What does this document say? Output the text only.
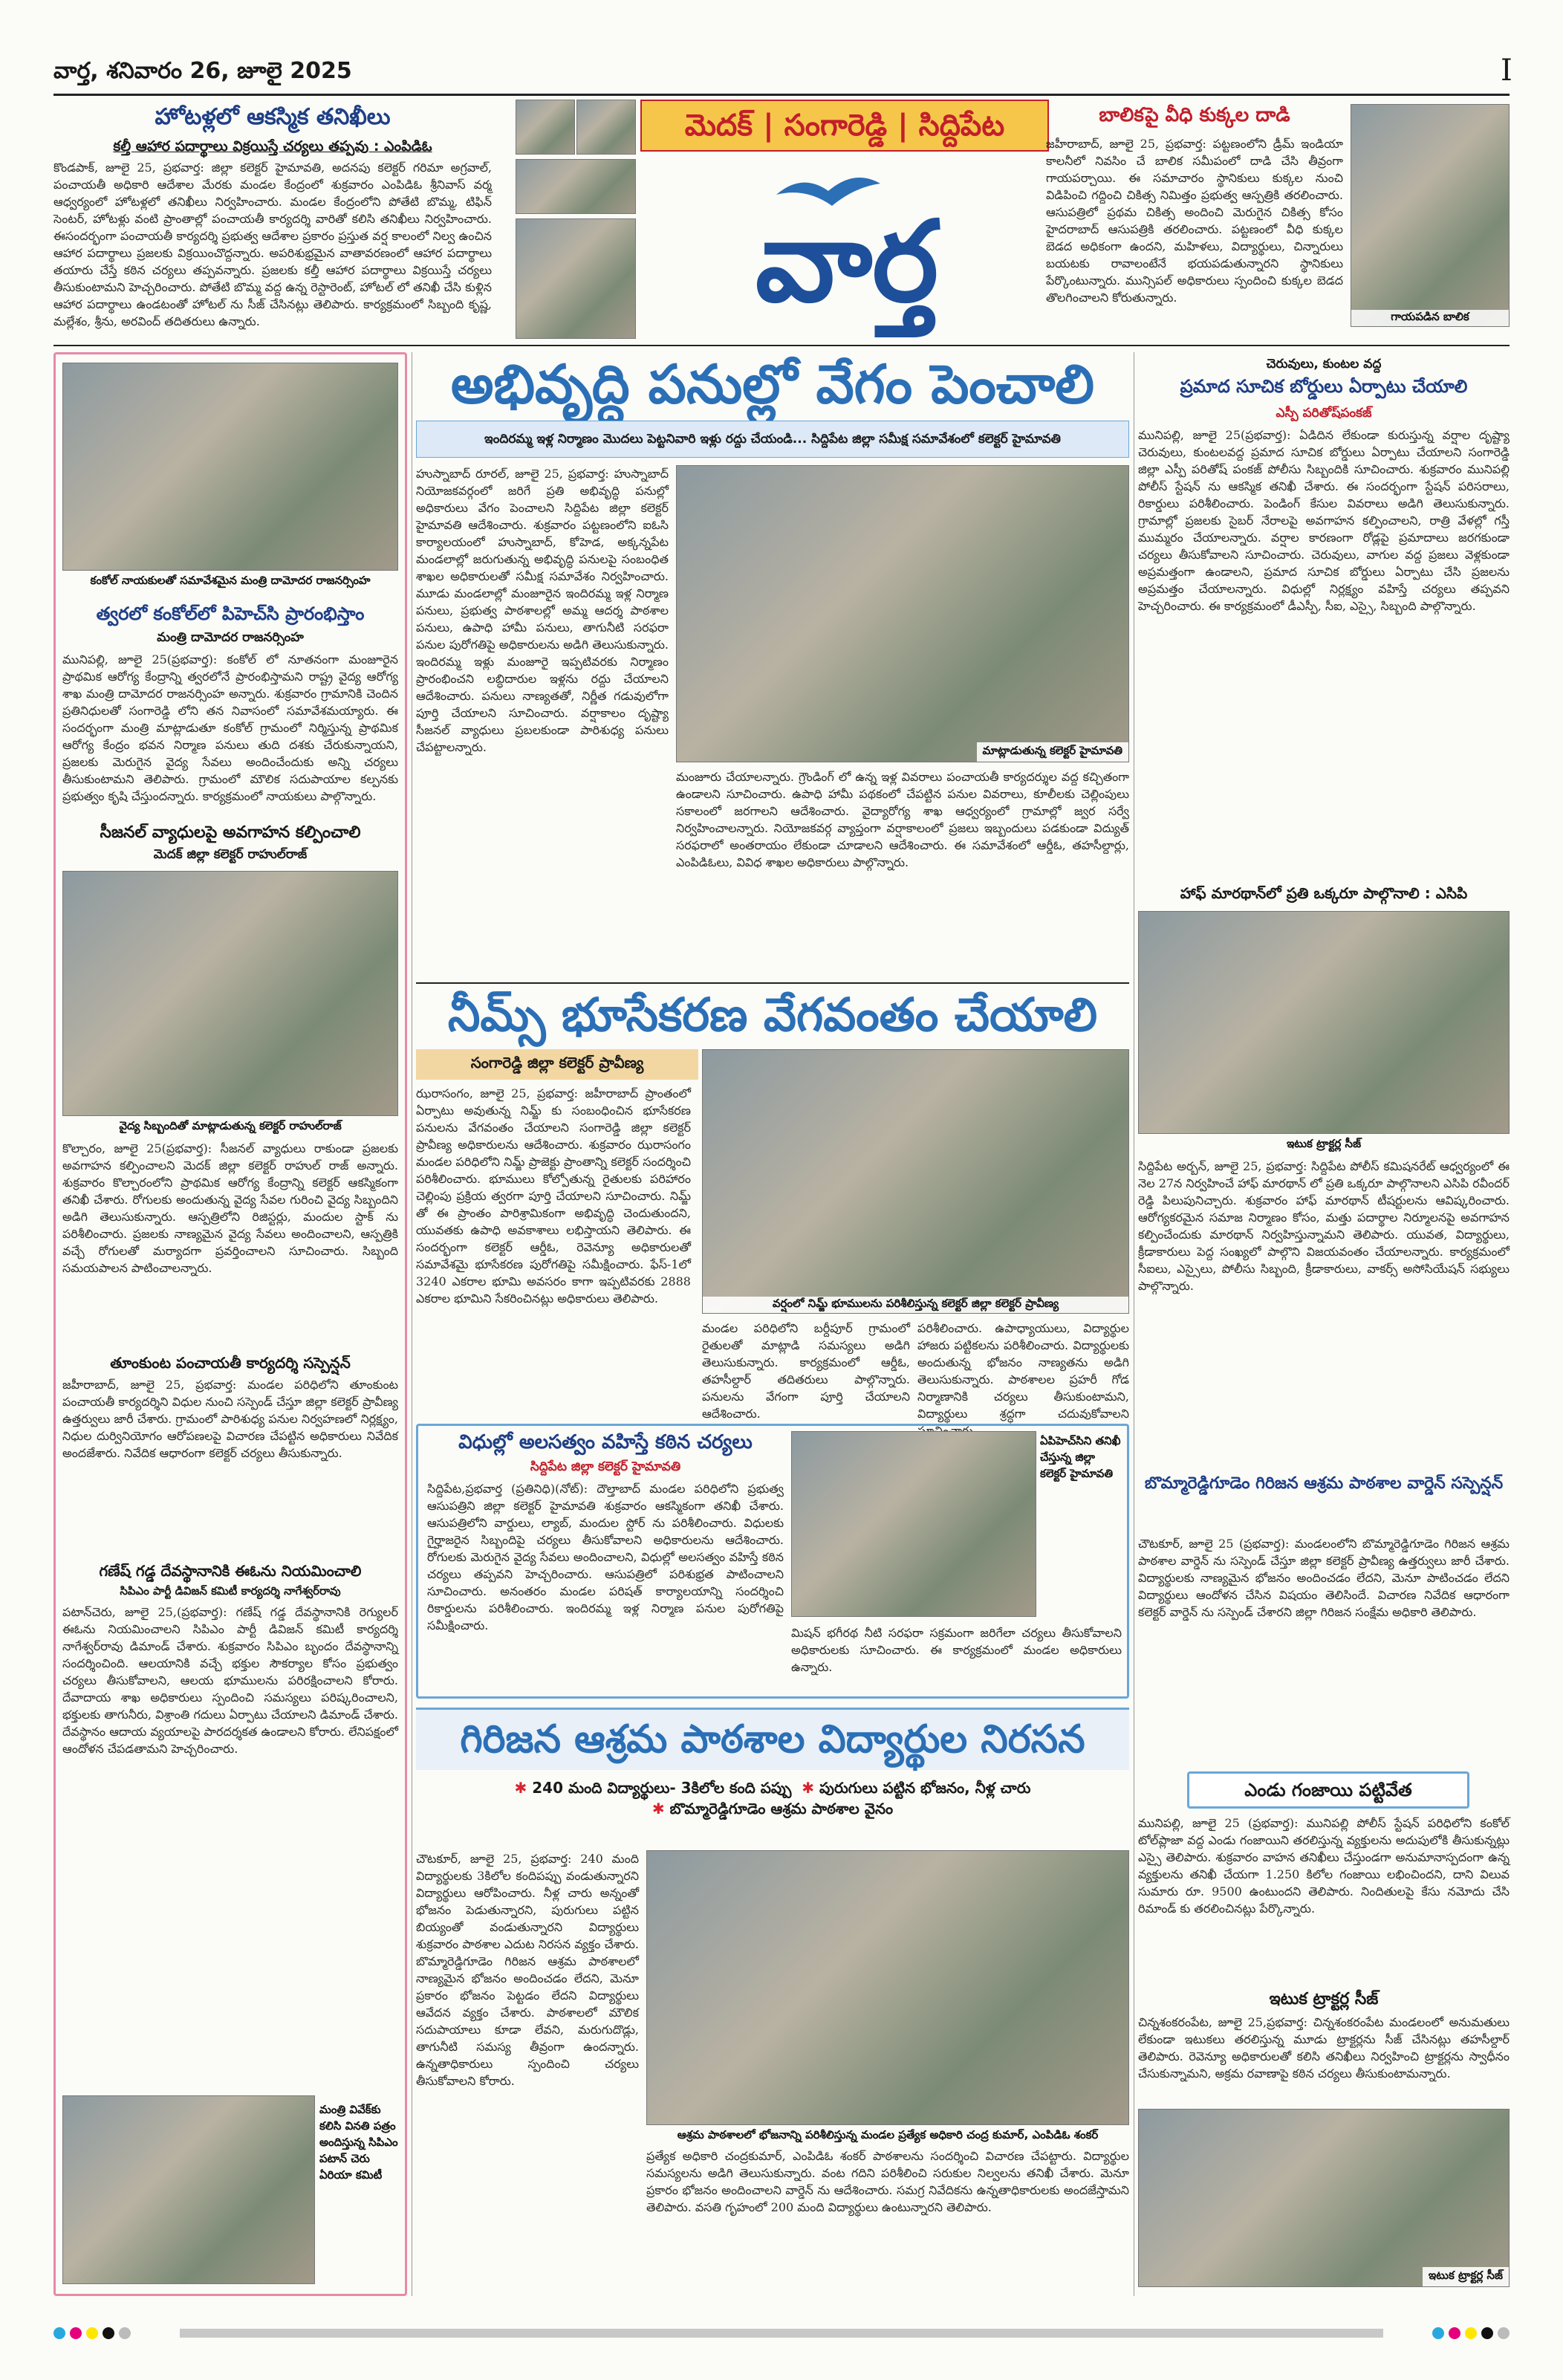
వార్త, శనివారం 26, జూలై 2025	I
హోటళ్లలో ఆకస్మిక తనిఖీలు
కల్తీ ఆహార పదార్థాలు విక్రయిస్తే చర్యలు తప్పవు : ఎంపిడిఓ
కొండపాక్, జూలై 25, ప్రభవార్త: జిల్లా కలెక్టర్ హైమావతి, అదనపు కలెక్టర్ గరిమా అగ్రవాల్, పంచాయతీ అధికారి ఆదేశాల మేరకు మండల కేంద్రంలో శుక్రవారం ఎంపిడిఓ శ్రీనివాస్ వర్మ ఆధ్వర్యంలో హోటళ్లలో తనిఖీలు నిర్వహించారు. మండల కేంద్రంలోని పోతేటి బొమ్మ, టిఫిన్ సెంటర్, హోటళ్లు వంటి ప్రాంతాల్లో పంచాయతీ కార్యదర్శి వారితో కలిసి తనిఖీలు నిర్వహించారు. ఈసందర్భంగా పంచాయతీ కార్యదర్శి ప్రభుత్వ ఆదేశాల ప్రకారం ప్రస్తుత వర్ష కాలంలో నిల్వ ఉంచిన ఆహార పదార్థాలు ప్రజలకు విక్రయించొద్దన్నారు. అపరిశుభ్రమైన వాతావరణంలో ఆహార పదార్థాలు తయారు చేస్తే కఠిన చర్యలు తప్పవన్నారు. ప్రజలకు కల్తీ ఆహార పదార్థాలు విక్రయిస్తే చర్యలు తీసుకుంటామని హెచ్చరించారు. పోతేటి బొమ్మ వద్ద ఉన్న రెస్టారెంట్, హోటల్ లో తనిఖీ చేసి కుళ్లిన ఆహార పదార్థాలు ఉండటంతో హోటల్ ను సీజ్ చేసినట్లు తెలిపారు. కార్యక్రమంలో సిబ్బంది కృష్ణ, మల్లేశం, శ్రీను, అరవింద్ తదితరులు ఉన్నారు.
మెదక్ | సంగారెడ్డి | సిద్దిపేట
వార్త
బాలికపై వీధి కుక్కల దాడి
జహీరాబాద్, జూలై 25, ప్రభవార్త: పట్టణంలోని డ్రీమ్ ఇండియా కాలనీలో నివసిం చే బాలిక సమీపంలో దాడి చేసి తీవ్రంగా గాయపర్చాయి. ఈ సమాచారం స్థానికులు కుక్కల నుంచి విడిపించి గద్దించి చికిత్స నిమిత్తం ప్రభుత్వ ఆస్పత్రికి తరలించారు. ఆసుపత్రిలో ప్రథమ చికిత్స అందించి మెరుగైన చికిత్స కోసం హైదరాబాద్ ఆసుపత్రికి తరలించారు. పట్టణంలో వీధి కుక్కల బెడద అధికంగా ఉందని, మహిళలు, విద్యార్థులు, చిన్నారులు బయటకు రావాలంటేనే భయపడుతున్నారని స్థానికులు పేర్కొంటున్నారు. మున్సిపల్ అధికారులు స్పందించి కుక్కల బెడద తొలగించాలని కోరుతున్నారు.
గాయపడిన బాలిక
కంకోల్ నాయకులతో సమావేశమైన మంత్రి దామోదర రాజనర్సింహ
త్వరలో కంకోల్‌లో పిహెచ్‌సి ప్రారంభిస్తాం
మంత్రి దామోదర రాజనర్సింహ
మునిపల్లి, జూలై 25(ప్రభవార్త): కంకోల్ లో నూతనంగా మంజూరైన ప్రాథమిక ఆరోగ్య కేంద్రాన్ని త్వరలోనే ప్రారంభిస్తామని రాష్ట్ర వైద్య ఆరోగ్య శాఖ మంత్రి దామోదర రాజనర్సింహ అన్నారు. శుక్రవారం గ్రామానికి చెందిన ప్రతినిధులతో సంగారెడ్డి లోని తన నివాసంలో సమావేశమయ్యారు. ఈ సందర్భంగా మంత్రి మాట్లాడుతూ కంకోల్ గ్రామంలో నిర్మిస్తున్న ప్రాథమిక ఆరోగ్య కేంద్రం భవన నిర్మాణ పనులు తుది దశకు చేరుకున్నాయని, ప్రజలకు మెరుగైన వైద్య సేవలు అందించేందుకు అన్ని చర్యలు తీసుకుంటామని తెలిపారు. గ్రామంలో మౌలిక సదుపాయాల కల్పనకు ప్రభుత్వం కృషి చేస్తుందన్నారు. కార్యక్రమంలో నాయకులు పాల్గొన్నారు.
సీజనల్ వ్యాధులపై అవగాహన కల్పించాలి
మెదక్ జిల్లా కలెక్టర్ రాహుల్‌రాజ్
వైద్య సిబ్బందితో మాట్లాడుతున్న కలెక్టర్ రాహుల్‌రాజ్
కొల్చారం, జూలై 25(ప్రభవార్త): సీజనల్ వ్యాధులు రాకుండా ప్రజలకు అవగాహన కల్పించాలని మెదక్ జిల్లా కలెక్టర్ రాహుల్ రాజ్ అన్నారు. శుక్రవారం కొల్చారంలోని ప్రాథమిక ఆరోగ్య కేంద్రాన్ని కలెక్టర్ ఆకస్మికంగా తనిఖీ చేశారు. రోగులకు అందుతున్న వైద్య సేవల గురించి వైద్య సిబ్బందిని అడిగి తెలుసుకున్నారు. ఆస్పత్రిలోని రిజిస్టర్లు, మందుల స్టాక్ ను పరిశీలించారు. ప్రజలకు నాణ్యమైన వైద్య సేవలు అందించాలని, ఆస్పత్రికి వచ్చే రోగులతో మర్యాదగా ప్రవర్తించాలని సూచించారు. సిబ్బంది సమయపాలన పాటించాలన్నారు.
తూంకుంట పంచాయతీ కార్యదర్శి సస్పెన్షన్
జహీరాబాద్, జూలై 25, ప్రభవార్త: మండల పరిధిలోని తూంకుంట పంచాయతీ కార్యదర్శిని విధుల నుంచి సస్పెండ్ చేస్తూ జిల్లా కలెక్టర్ ప్రావీణ్య ఉత్తర్వులు జారీ చేశారు. గ్రామంలో పారిశుధ్య పనుల నిర్వహణలో నిర్లక్ష్యం, నిధుల దుర్వినియోగం ఆరోపణలపై విచారణ చేపట్టిన అధికారులు నివేదిక అందజేశారు. నివేదిక ఆధారంగా కలెక్టర్ చర్యలు తీసుకున్నారు.
గణేష్ గడ్డ దేవస్థానానికి ఈఓను నియమించాలి
సిపిఎం పార్టీ డివిజన్ కమిటీ కార్యదర్శి నాగేశ్వర్‌రావు
పటాన్‌చెరు, జూలై 25,(ప్రభవార్త): గణేష్ గడ్డ దేవస్థానానికి రెగ్యులర్ ఈఓను నియమించాలని సిపిఎం పార్టీ డివిజన్ కమిటీ కార్యదర్శి నాగేశ్వర్‌రావు డిమాండ్ చేశారు. శుక్రవారం సిపిఎం బృందం దేవస్థానాన్ని సందర్శించింది. ఆలయానికి వచ్చే భక్తుల సౌకర్యాల కోసం ప్రభుత్వం చర్యలు తీసుకోవాలని, ఆలయ భూములను పరిరక్షించాలని కోరారు. దేవాదాయ శాఖ అధికారులు స్పందించి సమస్యలు పరిష్కరించాలని, భక్తులకు తాగునీరు, విశ్రాంతి గదులు ఏర్పాటు చేయాలని డిమాండ్ చేశారు. దేవస్థానం ఆదాయ వ్యయాలపై పారదర్శకత ఉండాలని కోరారు. లేనిపక్షంలో ఆందోళన చేపడతామని హెచ్చరించారు.
మంత్రి వివేక్‌కు కలిసి వినతి పత్రం అందిస్తున్న సిపిఎం పటాన్ చెరు ఏరియా కమిటీ
అభివృద్ధి పనుల్లో వేగం పెంచాలి
ఇందిరమ్మ ఇళ్ల నిర్మాణం మొదలు పెట్టనివారి ఇళ్లు రద్దు చేయండి... సిద్దిపేట జిల్లా సమీక్ష సమావేశంలో కలెక్టర్ హైమావతి
హుస్నాబాద్ రూరల్, జూలై 25, ప్రభవార్త: హుస్నాబాద్ నియోజకవర్గంలో జరిగే ప్రతి అభివృద్ధి పనుల్లో అధికారులు వేగం పెంచాలని సిద్దిపేట జిల్లా కలెక్టర్ హైమావతి ఆదేశించారు. శుక్రవారం పట్టణంలోని ఐఓసి కార్యాలయంలో హుస్నాబాద్, కోహెడ, అక్కన్నపేట మండలాల్లో జరుగుతున్న అభివృద్ధి పనులపై సంబంధిత శాఖల అధికారులతో సమీక్ష సమావేశం నిర్వహించారు. మూడు మండలాల్లో మంజూరైన ఇందిరమ్మ ఇళ్ల నిర్మాణ పనులు, ప్రభుత్వ పాఠశాలల్లో అమ్మ ఆదర్శ పాఠశాల పనులు, ఉపాధి హామీ పనులు, తాగునీటి సరఫరా పనుల పురోగతిపై అధికారులను అడిగి తెలుసుకున్నారు. ఇందిరమ్మ ఇళ్లు మంజూరై ఇప్పటివరకు నిర్మాణం ప్రారంభించని లబ్ధిదారుల ఇళ్లను రద్దు చేయాలని ఆదేశించారు. పనులు నాణ్యతతో, నిర్ణీత గడువులోగా పూర్తి చేయాలని సూచించారు. వర్షాకాలం దృష్ట్యా సీజనల్ వ్యాధులు ప్రబలకుండా పారిశుధ్య పనులు చేపట్టాలన్నారు.	మాట్లాడుతున్న కలెక్టర్ హైమావతి
మంజూరు చేయాలన్నారు. గ్రౌండింగ్ లో ఉన్న ఇళ్ల వివరాలు పంచాయతీ కార్యదర్శుల వద్ద కచ్చితంగా ఉండాలని సూచించారు. ఉపాధి హామీ పథకంలో చేపట్టిన పనుల వివరాలు, కూలీలకు చెల్లింపులు సకాలంలో జరగాలని ఆదేశించారు. వైద్యారోగ్య శాఖ ఆధ్వర్యంలో గ్రామాల్లో జ్వర సర్వే నిర్వహించాలన్నారు. నియోజకవర్గ వ్యాప్తంగా వర్షాకాలంలో ప్రజలు ఇబ్బందులు పడకుండా విద్యుత్ సరఫరాలో అంతరాయం లేకుండా చూడాలని ఆదేశించారు. ఈ సమావేశంలో ఆర్డీఓ, తహసీల్దార్లు, ఎంపిడిఓలు, వివిధ శాఖల అధికారులు పాల్గొన్నారు.
నీమ్స్ భూసేకరణ వేగవంతం చేయాలి
సంగారెడ్డి జిల్లా కలెక్టర్ ప్రావీణ్య
ఝరాసంగం, జూలై 25, ప్రభవార్త: జహీరాబాద్ ప్రాంతంలో ఏర్పాటు అవుతున్న నిమ్జ్ కు సంబంధించిన భూసేకరణ పనులను వేగవంతం చేయాలని సంగారెడ్డి జిల్లా కలెక్టర్ ప్రావీణ్య అధికారులను ఆదేశించారు. శుక్రవారం ఝరాసంగం మండల పరిధిలోని నిమ్జ్ ప్రాజెక్టు ప్రాంతాన్ని కలెక్టర్ సందర్శించి పరిశీలించారు. భూములు కోల్పోతున్న రైతులకు పరిహారం చెల్లింపు ప్రక్రియ త్వరగా పూర్తి చేయాలని సూచించారు. నిమ్జ్ తో ఈ ప్రాంతం పారిశ్రామికంగా అభివృద్ధి చెందుతుందని, యువతకు ఉపాధి అవకాశాలు లభిస్తాయని తెలిపారు. ఈ సందర్భంగా కలెక్టర్ ఆర్డీఓ, రెవెన్యూ అధికారులతో సమావేశమై భూసేకరణ పురోగతిపై సమీక్షించారు. ఫేస్-1లో 3240 ఎకరాల భూమి అవసరం కాగా ఇప్పటివరకు 2888 ఎకరాల భూమిని సేకరించినట్లు అధికారులు తెలిపారు.	వర్షంలో నిమ్జ్ భూములను పరిశీలిస్తున్న కలెక్టర్ జిల్లా కలెక్టర్ ప్రావీణ్య
మండల పరిధిలోని బర్దీపూర్ గ్రామంలో రైతులతో మాట్లాడి సమస్యలు అడిగి తెలుసుకున్నారు. కార్యక్రమంలో ఆర్డీఓ, తహసీల్దార్ తదితరులు పాల్గొన్నారు. పనులను వేగంగా పూర్తి చేయాలని ఆదేశించారు.
పరిశీలించారు. ఉపాధ్యాయులు, విద్యార్థుల హాజరు పట్టికలను పరిశీలించారు. విద్యార్థులకు అందుతున్న భోజనం నాణ్యతను అడిగి తెలుసుకున్నారు. పాఠశాలల ప్రహరీ గోడ నిర్మాణానికి చర్యలు తీసుకుంటామని, విద్యార్థులు శ్రద్ధగా చదువుకోవాలని
విధుల్లో అలసత్వం వహిస్తే కఠిన చర్యలు
సిద్దిపేట జిల్లా కలెక్టర్ హైమావతి
సిద్దిపేట,ప్రభవార్త (ప్రతినిధి)(నోట్): దౌల్తాబాద్ మండల పరిధిలోని ప్రభుత్వ ఆసుపత్రిని జిల్లా కలెక్టర్ హైమావతి శుక్రవారం ఆకస్మికంగా తనిఖీ చేశారు. ఆసుపత్రిలోని వార్డులు, ల్యాబ్, మందుల స్టోర్ ను పరిశీలించారు. విధులకు గైర్హాజరైన సిబ్బందిపై చర్యలు తీసుకోవాలని అధికారులను ఆదేశించారు. రోగులకు మెరుగైన వైద్య సేవలు అందించాలని, విధుల్లో అలసత్వం వహిస్తే కఠిన చర్యలు తప్పవని హెచ్చరించారు. ఆసుపత్రిలో పరిశుభ్రత పాటించాలని సూచించారు. అనంతరం మండల పరిషత్ కార్యాలయాన్ని సందర్శించి రికార్డులను పరిశీలించారు. ఇందిరమ్మ ఇళ్ల నిర్మాణ పనుల పురోగతిపై సమీక్షించారు.
ఏపిహెచ్‌సిని తనిఖీ చేస్తున్న జిల్లా కలెక్టర్ హైమావతి
మిషన్ భగీరథ నీటి సరఫరా సక్రమంగా జరిగేలా చర్యలు తీసుకోవాలని అధికారులకు సూచించారు. ఈ కార్యక్రమంలో మండల అధికారులు ఉన్నారు.
గిరిజన ఆశ్రమ పాఠశాల విద్యార్థుల నిరసన
✱ 240 మంది విద్యార్థులు- 3కిలోల కంది పప్పు ✱ పురుగులు పట్టిన భోజనం, నీళ్ల చారు
✱ బొమ్మారెడ్డిగూడెం ఆశ్రమ పాఠశాల వైనం
చౌటకూర్, జూలై 25, ప్రభవార్త: 240 మంది విద్యార్థులకు 3కిలోల కందిపప్పు వండుతున్నారని విద్యార్థులు ఆరోపించారు. నీళ్ల చారు అన్నంతో భోజనం పెడుతున్నారని, పురుగులు పట్టిన బియ్యంతో వండుతున్నారని విద్యార్థులు శుక్రవారం పాఠశాల ఎదుట నిరసన వ్యక్తం చేశారు. బొమ్మారెడ్డిగూడెం గిరిజన ఆశ్రమ పాఠశాలలో నాణ్యమైన భోజనం అందించడం లేదని, మెనూ ప్రకారం భోజనం పెట్టడం లేదని విద్యార్థులు ఆవేదన వ్యక్తం చేశారు. పాఠశాలలో మౌలిక సదుపాయాలు కూడా లేవని, మరుగుదొడ్లు, తాగునీటి సమస్య తీవ్రంగా ఉందన్నారు. ఉన్నతాధికారులు స్పందించి చర్యలు తీసుకోవాలని కోరారు.
ఆశ్రమ పాఠశాలలో భోజనాన్ని పరిశీలిస్తున్న మండల ప్రత్యేక అధికారి చంద్ర కుమార్, ఎంపిడిఓ శంకర్
ప్రత్యేక అధికారి చంద్రకుమార్, ఎంపిడిఓ శంకర్ పాఠశాలను సందర్శించి విచారణ చేపట్టారు. విద్యార్థుల సమస్యలను అడిగి తెలుసుకున్నారు. వంట గదిని పరిశీలించి సరుకుల నిల్వలను తనిఖీ చేశారు. మెనూ ప్రకారం భోజనం అందించాలని వార్డెన్ ను ఆదేశించారు. సమగ్ర నివేదికను ఉన్నతాధికారులకు అందజేస్తామని తెలిపారు. వసతి గృహంలో 200 మంది విద్యార్థులు ఉంటున్నారని తెలిపారు.
చెరువులు, కుంటల వద్ద
ప్రమాద సూచిక బోర్డులు ఏర్పాటు చేయాలి
ఎస్పీ పరితోష్‌పంకజ్
మునిపల్లి, జూలై 25(ప్రభవార్త): ఏడిదిన లేకుండా కురుస్తున్న వర్షాల దృష్ట్యా చెరువులు, కుంటలవద్ద ప్రమాద సూచిక బోర్డులు ఏర్పాటు చేయాలని సంగారెడ్డి జిల్లా ఎస్పీ పరితోష్ పంకజ్ పోలీసు సిబ్బందికి సూచించారు. శుక్రవారం మునిపల్లి పోలీస్ స్టేషన్ ను ఆకస్మిక తనిఖీ చేశారు. ఈ సందర్భంగా స్టేషన్ పరిసరాలు, రికార్డులు పరిశీలించారు. పెండింగ్ కేసుల వివరాలు అడిగి తెలుసుకున్నారు. గ్రామాల్లో ప్రజలకు సైబర్ నేరాలపై అవగాహన కల్పించాలని, రాత్రి వేళల్లో గస్తీ ముమ్మరం చేయాలన్నారు. వర్షాల కారణంగా రోడ్లపై ప్రమాదాలు జరగకుండా చర్యలు తీసుకోవాలని సూచించారు. చెరువులు, వాగుల వద్ద ప్రజలు వెళ్లకుండా అప్రమత్తంగా ఉండాలని, ప్రమాద సూచిక బోర్డులు ఏర్పాటు చేసి ప్రజలను అప్రమత్తం చేయాలన్నారు. విధుల్లో నిర్లక్ష్యం వహిస్తే చర్యలు తప్పవని హెచ్చరించారు. ఈ కార్యక్రమంలో డీఎస్పీ, సీఐ, ఎస్సై, సిబ్బంది పాల్గొన్నారు.
హాఫ్ మారథాన్‌లో ప్రతి ఒక్కరూ పాల్గొనాలి : ఎసిపి
ఇటుక ట్రాక్టర్ల సీజ్
సిద్దిపేట అర్బన్, జూలై 25, ప్రభవార్త: సిద్దిపేట పోలీస్ కమిషనరేట్ ఆధ్వర్యంలో ఈ నెల 27న నిర్వహించే హాఫ్ మారథాన్ లో ప్రతి ఒక్కరూ పాల్గొనాలని ఎసిపి రవీందర్ రెడ్డి పిలుపునిచ్చారు. శుక్రవారం హాఫ్ మారథాన్ టీషర్టులను ఆవిష్కరించారు. ఆరోగ్యకరమైన సమాజ నిర్మాణం కోసం, మత్తు పదార్థాల నిర్మూలనపై అవగాహన కల్పించేందుకు మారథాన్ నిర్వహిస్తున్నామని తెలిపారు. యువత, విద్యార్థులు, క్రీడాకారులు పెద్ద సంఖ్యలో పాల్గొని విజయవంతం చేయాలన్నారు. కార్యక్రమంలో సీఐలు, ఎస్సైలు, పోలీసు సిబ్బంది, క్రీడాకారులు, వాకర్స్ అసోసియేషన్ సభ్యులు పాల్గొన్నారు.
బొమ్మారెడ్డిగూడెం గిరిజన ఆశ్రమ పాఠశాల వార్డెన్ సస్పెన్షన్
చౌటకూర్, జూలై 25 (ప్రభవార్త): మండలంలోని బొమ్మారెడ్డిగూడెం గిరిజన ఆశ్రమ పాఠశాల వార్డెన్ ను సస్పెండ్ చేస్తూ జిల్లా కలెక్టర్ ప్రావీణ్య ఉత్తర్వులు జారీ చేశారు. విద్యార్థులకు నాణ్యమైన భోజనం అందించడం లేదని, మెనూ పాటించడం లేదని విద్యార్థులు ఆందోళన చేసిన విషయం తెలిసిందే. విచారణ నివేదిక ఆధారంగా కలెక్టర్ వార్డెన్ ను సస్పెండ్ చేశారని జిల్లా గిరిజన సంక్షేమ అధికారి తెలిపారు.
ఎండు గంజాయి పట్టివేత
మునిపల్లి, జూలై 25 (ప్రభవార్త): మునిపల్లి పోలీస్ స్టేషన్ పరిధిలోని కంకోల్ టోల్‌ప్లాజా వద్ద ఎండు గంజాయిని తరలిస్తున్న వ్యక్తులను అదుపులోకి తీసుకున్నట్లు ఎస్సై తెలిపారు. శుక్రవారం వాహన తనిఖీలు చేస్తుండగా అనుమానాస్పదంగా ఉన్న వ్యక్తులను తనిఖీ చేయగా 1.250 కిలోల గంజాయి లభించిందని, దాని విలువ సుమారు రూ. 9500 ఉంటుందని తెలిపారు. నిందితులపై కేసు నమోదు చేసి రిమాండ్ కు తరలించినట్లు పేర్కొన్నారు.
ఇటుక ట్రాక్టర్ల సీజ్
చిన్నశంకరంపేట, జూలై 25,ప్రభవార్త: చిన్నశంకరంపేట మండలంలో అనుమతులు లేకుండా ఇటుకలు తరలిస్తున్న మూడు ట్రాక్టర్లను సీజ్ చేసినట్లు తహసీల్దార్ తెలిపారు. రెవెన్యూ అధికారులతో కలిసి తనిఖీలు నిర్వహించి ట్రాక్టర్లను స్వాధీనం చేసుకున్నామని, అక్రమ రవాణాపై కఠిన చర్యలు తీసుకుంటామన్నారు.
ఇటుక ట్రాక్టర్ల సీజ్
